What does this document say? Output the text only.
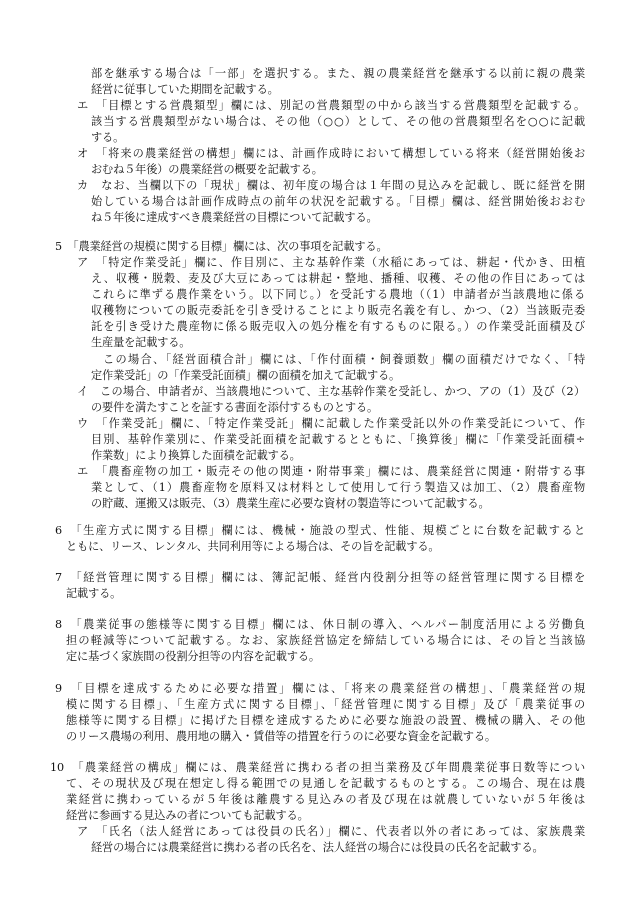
部を継承する場合は「一部」を選択する。また、親の農業経営を継承する以前に親の農業
経営に従事していた期間を記載する。
エ　「目標とする営農類型」欄には、別記の営農類型の中から該当する営農類型を記載する。
該当する営農類型がない場合は、その他（○○）として、その他の営農類型名を○○に記載
する。
オ　「将来の農業経営の構想」欄には、計画作成時において構想している将来（経営開始後お
おむね５年後）の農業経営の概要を記載する。
カ　なお、当欄以下の「現状」欄は、初年度の場合は１年間の見込みを記載し、既に経営を開
始している場合は計画作成時点の前年の状況を記載する。「目標」欄は、経営開始後おおむ
ね５年後に達成すべき農業経営の目標について記載する。
5　「農業経営の規模に関する目標」欄には、次の事項を記載する。
ア　「特定作業受託」欄に、作目別に、主な基幹作業（水稲にあっては、耕起・代かき、田植
え、収穫・脱穀、麦及び大豆にあっては耕起・整地、播種、収穫、その他の作目にあっては
これらに準ずる農作業をいう。以下同じ。）を受託する農地（（1）申請者が当該農地に係る
収穫物についての販売委託を引き受けることにより販売名義を有し、かつ、（2）当該販売委
託を引き受けた農産物に係る販売収入の処分権を有するものに限る。）の作業受託面積及び
生産量を記載する。
この場合、「経営面積合計」欄には、「作付面積・飼養頭数」欄の面積だけでなく、「特
定作業受託」の「作業受託面積」欄の面積を加えて記載する。
イ　この場合、申請者が、当該農地について、主な基幹作業を受託し、かつ、アの（1）及び（2）
の要件を満たすことを証する書面を添付するものとする。
ウ　「作業受託」欄に、「特定作業受託」欄に記載した作業受託以外の作業受託について、作
目別、基幹作業別に、作業受託面積を記載するとともに、「換算後」欄に「作業受託面積÷
作業数」により換算した面積を記載する。
エ　「農畜産物の加工・販売その他の関連・附帯事業」欄には、農業経営に関連・附帯する事
業として、（1）農畜産物を原料又は材料として使用して行う製造又は加工、（2）農畜産物
の貯蔵、運搬又は販売、（3）農業生産に必要な資材の製造等について記載する。
6　「生産方式に関する目標」欄には、機械・施設の型式、性能、規模ごとに台数を記載すると
ともに、リース、レンタル、共同利用等による場合は、その旨を記載する。
7　「経営管理に関する目標」欄には、簿記記帳、経営内役割分担等の経営管理に関する目標を
記載する。
8　「農業従事の態様等に関する目標」欄には、休日制の導入、ヘルパー制度活用による労働負
担の軽減等について記載する。なお、家族経営協定を締結している場合には、その旨と当該協
定に基づく家族間の役割分担等の内容を記載する。
9　「目標を達成するために必要な措置」欄には、「将来の農業経営の構想」、「農業経営の規
模に関する目標」、「生産方式に関する目標」、「経営管理に関する目標」及び「農業従事の
態様等に関する目標」に掲げた目標を達成するために必要な施設の設置、機械の購入、その他
のリース農場の利用、農用地の購入・賃借等の措置を行うのに必要な資金を記載する。
10　「農業経営の構成」欄には、農業経営に携わる者の担当業務及び年間農業従事日数等につい
て、その現状及び現在想定し得る範囲での見通しを記載するものとする。この場合、現在は農
業経営に携わっているが５年後は離農する見込みの者及び現在は就農していないが５年後は
経営に参画する見込みの者についても記載する。
ア　「氏名（法人経営にあっては役員の氏名）」欄に、代表者以外の者にあっては、家族農業
経営の場合には農業経営に携わる者の氏名を、法人経営の場合には役員の氏名を記載する。
